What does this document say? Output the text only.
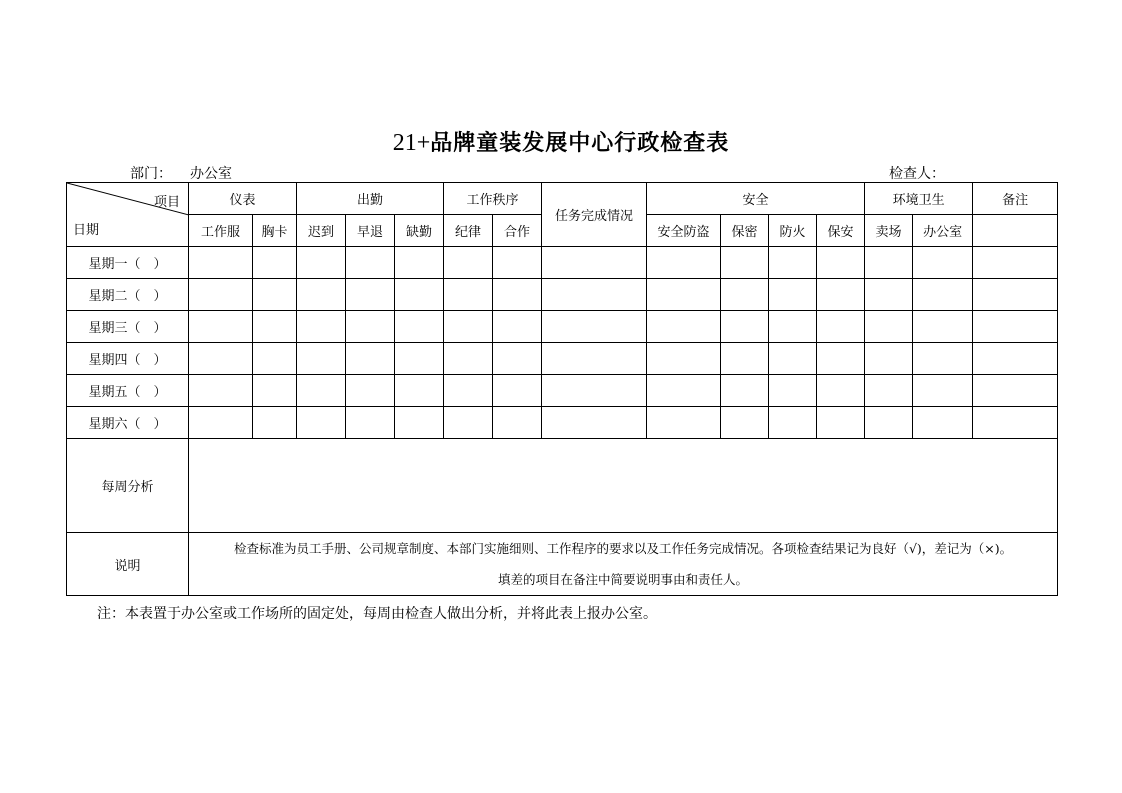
21+品牌童装发展中心行政检查表
部门： 办公室	检查人：
项目
日期	仪表		出勤			工作秩序		任务完成情况	安全				环境卫生		备注
	工作服	胸卡	迟到	早退	缺勤	纪律	合作		安全防盗	保密	防火	保安	卖场	办公室	
星期一（　）															
星期二（　）															
星期三（　）															
星期四（　）															
星期五（　）															
星期六（　）															
每周分析															
说明	检查标准为员工手册、公司规章制度、本部门实施细则、工作程序的要求以及工作任务完成情况。各项检查结果记为良好（√)，差记为（×)。
填差的项目在备注中简要说明事由和责任人。														
注：本表置于办公室或工作场所的固定处，每周由检查人做出分析，并将此表上报办公室。
